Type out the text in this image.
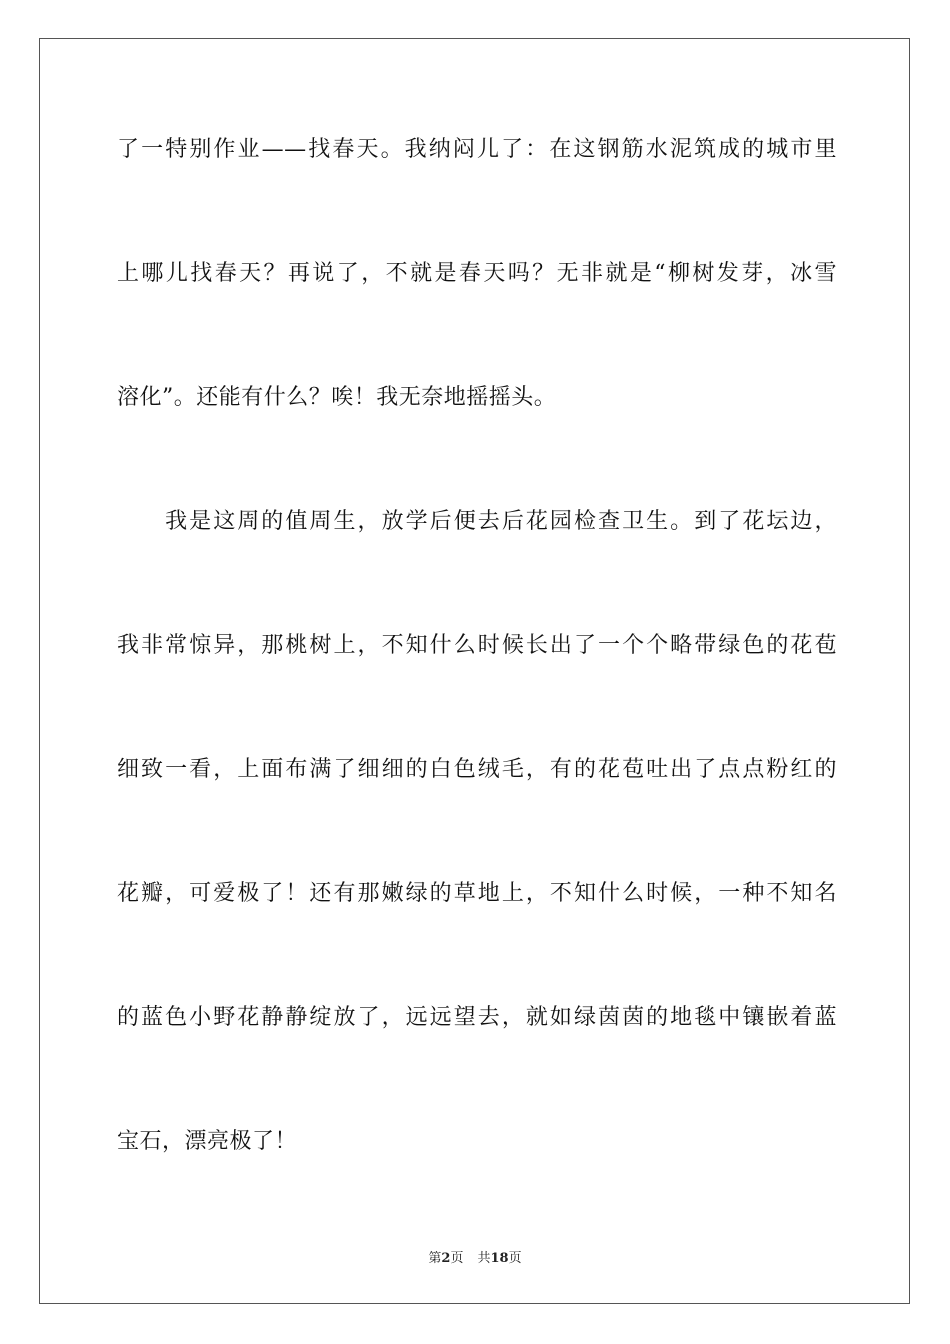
了一特别作业——找春天。我纳闷儿了：在这钢筋水泥筑成的城市里
上哪儿找春天？再说了，不就是春天吗？无非就是“柳树发芽，冰雪
溶化”。还能有什么？唉！我无奈地摇摇头。
　　我是这周的值周生，放学后便去后花园检查卫生。到了花坛边，
我非常惊异，那桃树上，不知什么时候长出了一个个略带绿色的花苞
细致一看，上面布满了细细的白色绒毛，有的花苞吐出了点点粉红的
花瓣，可爱极了！还有那嫩绿的草地上，不知什么时候，一种不知名
的蓝色小野花静静绽放了，远远望去，就如绿茵茵的地毯中镶嵌着蓝
宝石，漂亮极了！
第2页 共18页
